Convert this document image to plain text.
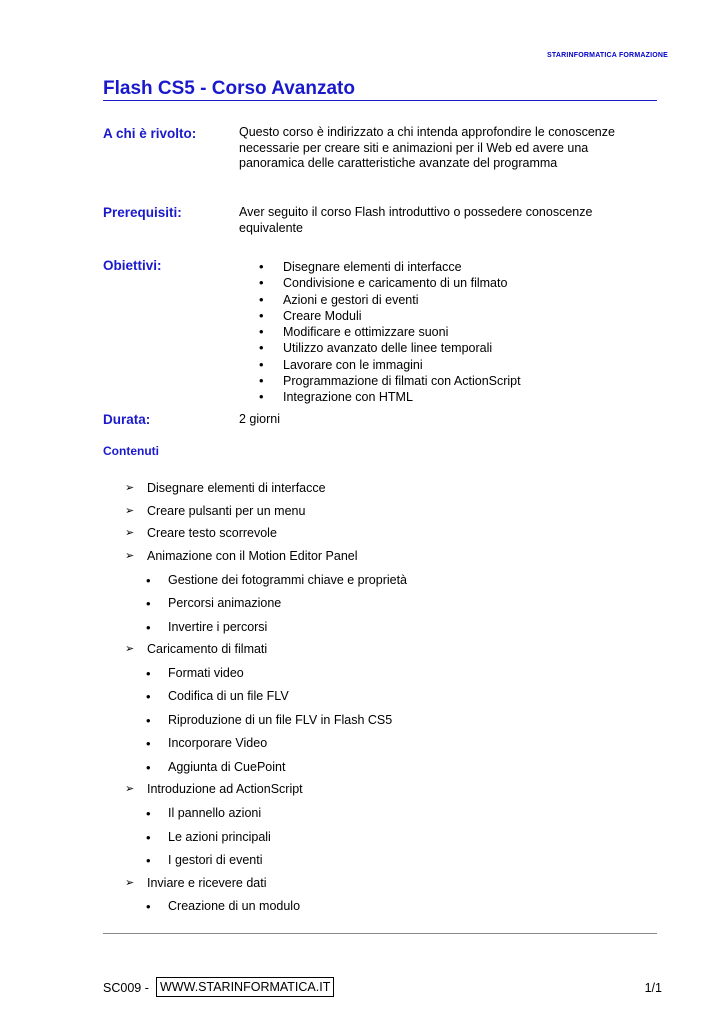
STARINFORMATICA FORMAZIONE
Flash CS5 - Corso Avanzato
A chi è rivolto:	Questo corso è indirizzato a chi intenda approfondire le conoscenze
necessarie per creare siti e animazioni per il Web ed avere una
panoramica delle caratteristiche avanzate del programma
Prerequisiti:	Aver seguito il corso Flash introduttivo o possedere conoscenze
equivalente
Obiettivi:
•	Disegnare elementi di interfacce
• Condivisione e caricamento di un filmato
• Azioni e gestori di eventi
• Creare Moduli
• Modificare e ottimizzare suoni
• Utilizzo avanzato delle linee temporali
• Lavorare con le immagini
• Programmazione di filmati con ActionScript
• Integrazione con HTML
Durata:	2 giorni
Contenuti
➢ Disegnare elementi di interfacce
➢ Creare pulsanti per un menu
➢ Creare testo scorrevole
➢ Animazione con il Motion Editor Panel
• Gestione dei fotogrammi chiave e proprietà
• Percorsi animazione
• Invertire i percorsi
➢ Caricamento di filmati
• Formati video
• Codifica di un file FLV
• Riproduzione di un file FLV in Flash CS5
• Incorporare Video
• Aggiunta di CuePoint
➢ Introduzione ad ActionScript
• Il pannello azioni
• Le azioni principali
• I gestori di eventi
➢ Inviare e ricevere dati
• Creazione di un modulo
SC009 - WWW.STARINFORMATICA.IT	1/1
